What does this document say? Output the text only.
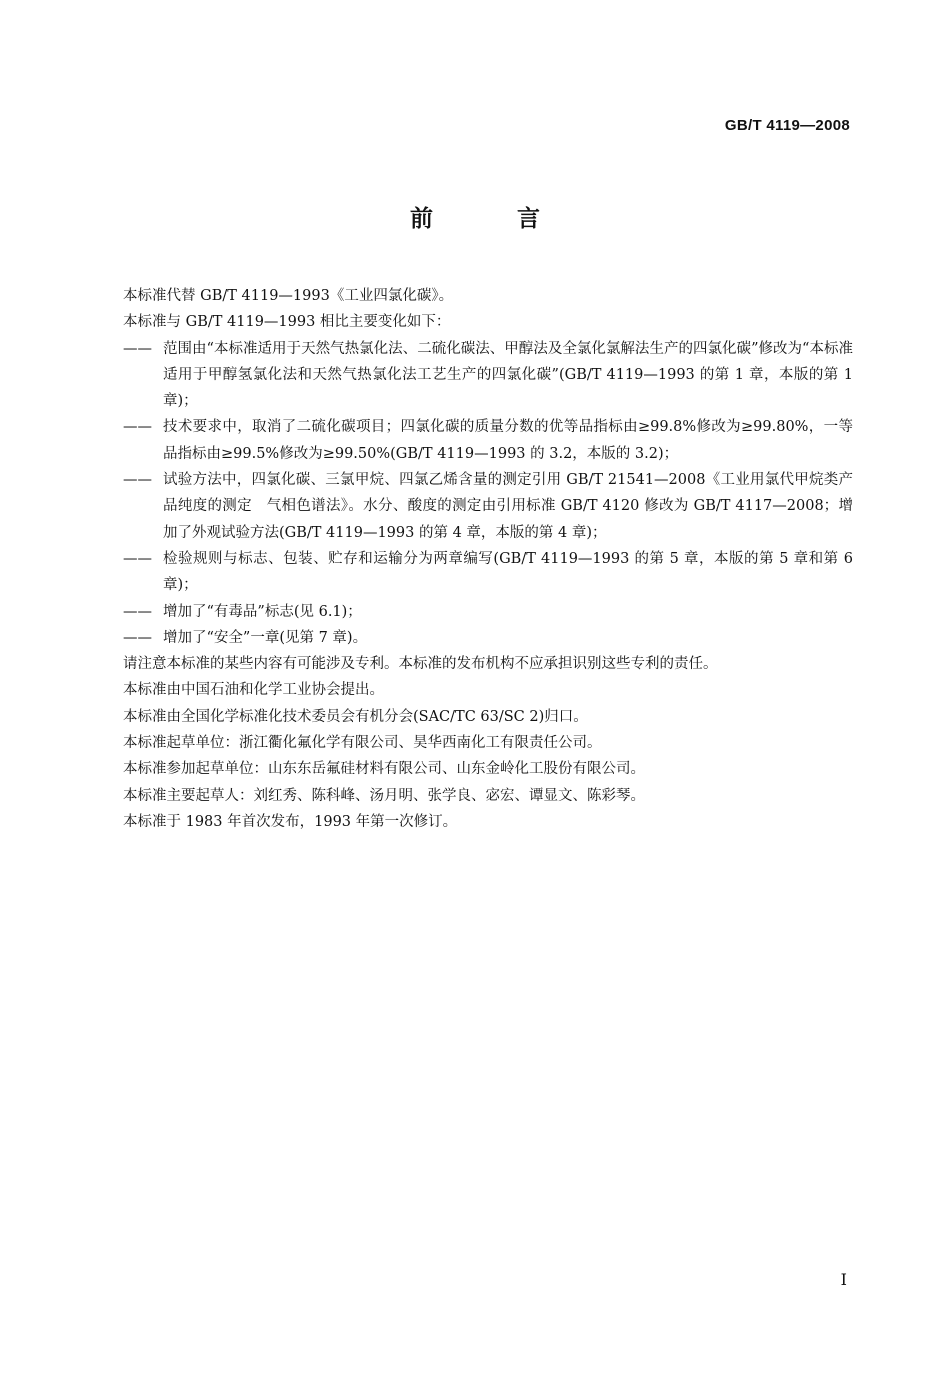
GB/T 4119—2008
前 言

本标准代替 GB/T 4119—1993《工业四氯化碳》。

本标准与 GB/T 4119—1993 相比主要变化如下：

—— 范围由“本标准适用于天然气热氯化法、二硫化碳法、甲醇法及全氯化氯解法生产的四氯化碳”修改为“本标准适用于甲醇氢氯化法和天然气热氯化法工艺生产的四氯化碳”(GB/T 4119—1993 的第 1 章，本版的第 1 章)；
—— 技术要求中，取消了二硫化碳项目；四氯化碳的质量分数的优等品指标由≥99.8%修改为≥99.80%，一等品指标由≥99.5%修改为≥99.50%(GB/T 4119—1993 的 3.2，本版的 3.2)；
—— 试验方法中，四氯化碳、三氯甲烷、四氯乙烯含量的测定引用 GB/T 21541—2008《工业用氯代甲烷类产品纯度的测定　气相色谱法》。水分、酸度的测定由引用标准 GB/T 4120 修改为 GB/T 4117—2008；增加了外观试验方法(GB/T 4119—1993 的第 4 章，本版的第 4 章)；
—— 检验规则与标志、包装、贮存和运输分为两章编写(GB/T 4119—1993 的第 5 章，本版的第 5 章和第 6 章)；
—— 增加了“有毒品”标志(见 6.1)；
—— 增加了“安全”一章(见第 7 章)。

请注意本标准的某些内容有可能涉及专利。本标准的发布机构不应承担识别这些专利的责任。

本标准由中国石油和化学工业协会提出。

本标准由全国化学标准化技术委员会有机分会(SAC/TC 63/SC 2)归口。

本标准起草单位：浙江衢化氟化学有限公司、昊华西南化工有限责任公司。

本标准参加起草单位：山东东岳氟硅材料有限公司、山东金岭化工股份有限公司。

本标准主要起草人：刘红秀、陈科峰、汤月明、张学良、宓宏、谭显文、陈彩琴。

本标准于 1983 年首次发布，1993 年第一次修订。

I
